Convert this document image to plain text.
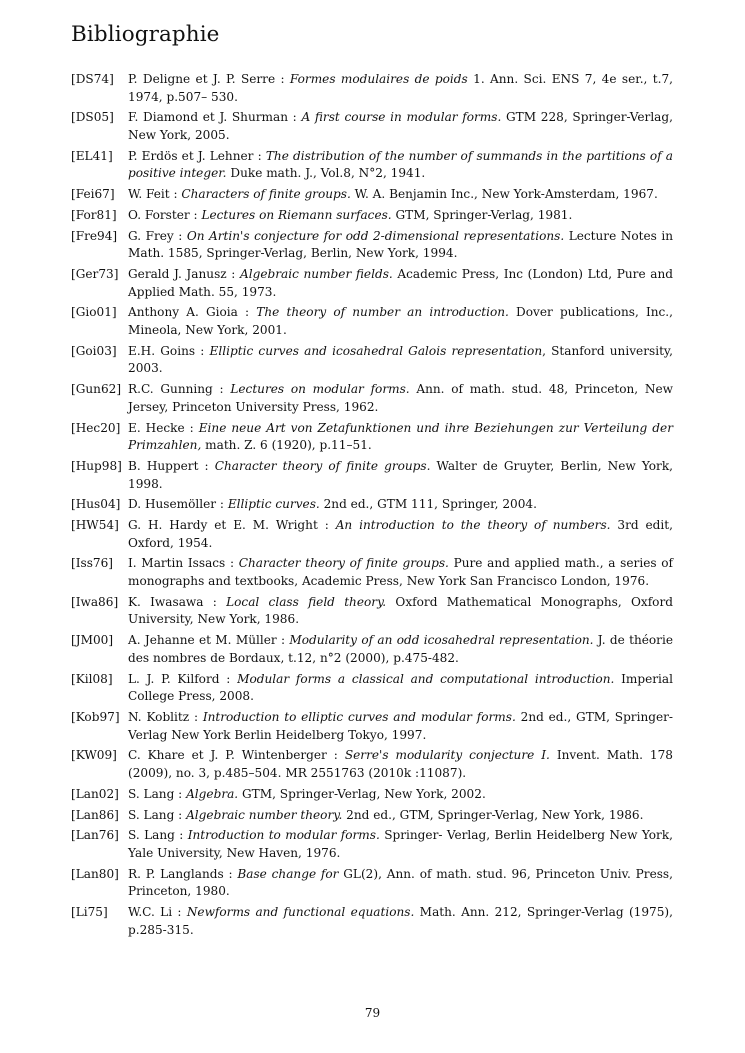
Bibliographie
[DS74]	P. Deligne et J. P. Serre : Formes modulaires de poids 1. Ann. Sci. ENS 7, 4e ser., t.7, 1974, p.507– 530.
[DS05]	F. Diamond et J. Shurman : A first course in modular forms. GTM 228, Springer-Verlag, New York, 2005.
[EL41]	P. Erdös et J. Lehner : The distribution of the number of summands in the partitions of a positive integer. Duke math. J., Vol.8, N°2, 1941.
[Fei67]	W. Feit : Characters of finite groups. W. A. Benjamin Inc., New York-Amsterdam, 1967.
[For81] O. Forster : Lectures on Riemann surfaces. GTM, Springer-Verlag, 1981.
[Fre94] G. Frey : On Artin's conjecture for odd 2-dimensional representations. Lecture Notes in Math. 1585, Springer-Verlag, Berlin, New York, 1994.
[Ger73] Gerald J. Janusz : Algebraic number fields. Academic Press, Inc (London) Ltd, Pure and Applied Math. 55, 1973.
[Gio01] Anthony A. Gioia : The theory of number an introduction. Dover publications, Inc., Mineola, New York, 2001.
[Goi03] E.H. Goins : Elliptic curves and icosahedral Galois representation, Stanford university, 2003.
[Gun62] R.C. Gunning : Lectures on modular forms. Ann. of math. stud. 48, Princeton, New Jersey, Princeton University Press, 1962.
[Hec20] E. Hecke : Eine neue Art von Zetafunktionen und ihre Beziehungen zur Verteilung der Primzahlen, math. Z. 6 (1920), p.11–51.
[Hup98] B. Huppert : Character theory of finite groups. Walter de Gruyter, Berlin, New York, 1998.
[Hus04] D. Husemöller : Elliptic curves. 2nd ed., GTM 111, Springer, 2004.
[HW54] G. H. Hardy et E. M. Wright : An introduction to the theory of numbers. 3rd edit, Oxford, 1954.
[Iss76]	I. Martin Issacs : Character theory of finite groups. Pure and applied math., a series of monographs and textbooks, Academic Press, New York San Francisco London, 1976.
[Iwa86] K. Iwasawa : Local class field theory. Oxford Mathematical Monographs, Oxford University, New York, 1986.
[JM00]	A. Jehanne et M. Müller : Modularity of an odd icosahedral representation. J. de théorie des nombres de Bordaux, t.12, n°2 (2000), p.475-482.
[Kil08]	L. J. P. Kilford : Modular forms a classical and computational introduction. Imperial College Press, 2008.
[Kob97] N. Koblitz : Introduction to elliptic curves and modular forms. 2nd ed., GTM, Springer-Verlag New York Berlin Heidelberg Tokyo, 1997.
[KW09] C. Khare et J. P. Wintenberger : Serre's modularity conjecture I. Invent. Math. 178 (2009), no. 3, p.485–504. MR 2551763 (2010k :11087).
[Lan02] S. Lang : Algebra. GTM, Springer-Verlag, New York, 2002.
[Lan86] S. Lang : Algebraic number theory. 2nd ed., GTM, Springer-Verlag, New York, 1986.
[Lan76] S. Lang : Introduction to modular forms. Springer- Verlag, Berlin Heidelberg New York, Yale University, New Haven, 1976.
[Lan80] R. P. Langlands : Base change for GL(2), Ann. of math. stud. 96, Princeton Univ. Press, Princeton, 1980.
[Li75]	W.C. Li : Newforms and functional equations. Math. Ann. 212, Springer-Verlag (1975), p.285-315.
79
